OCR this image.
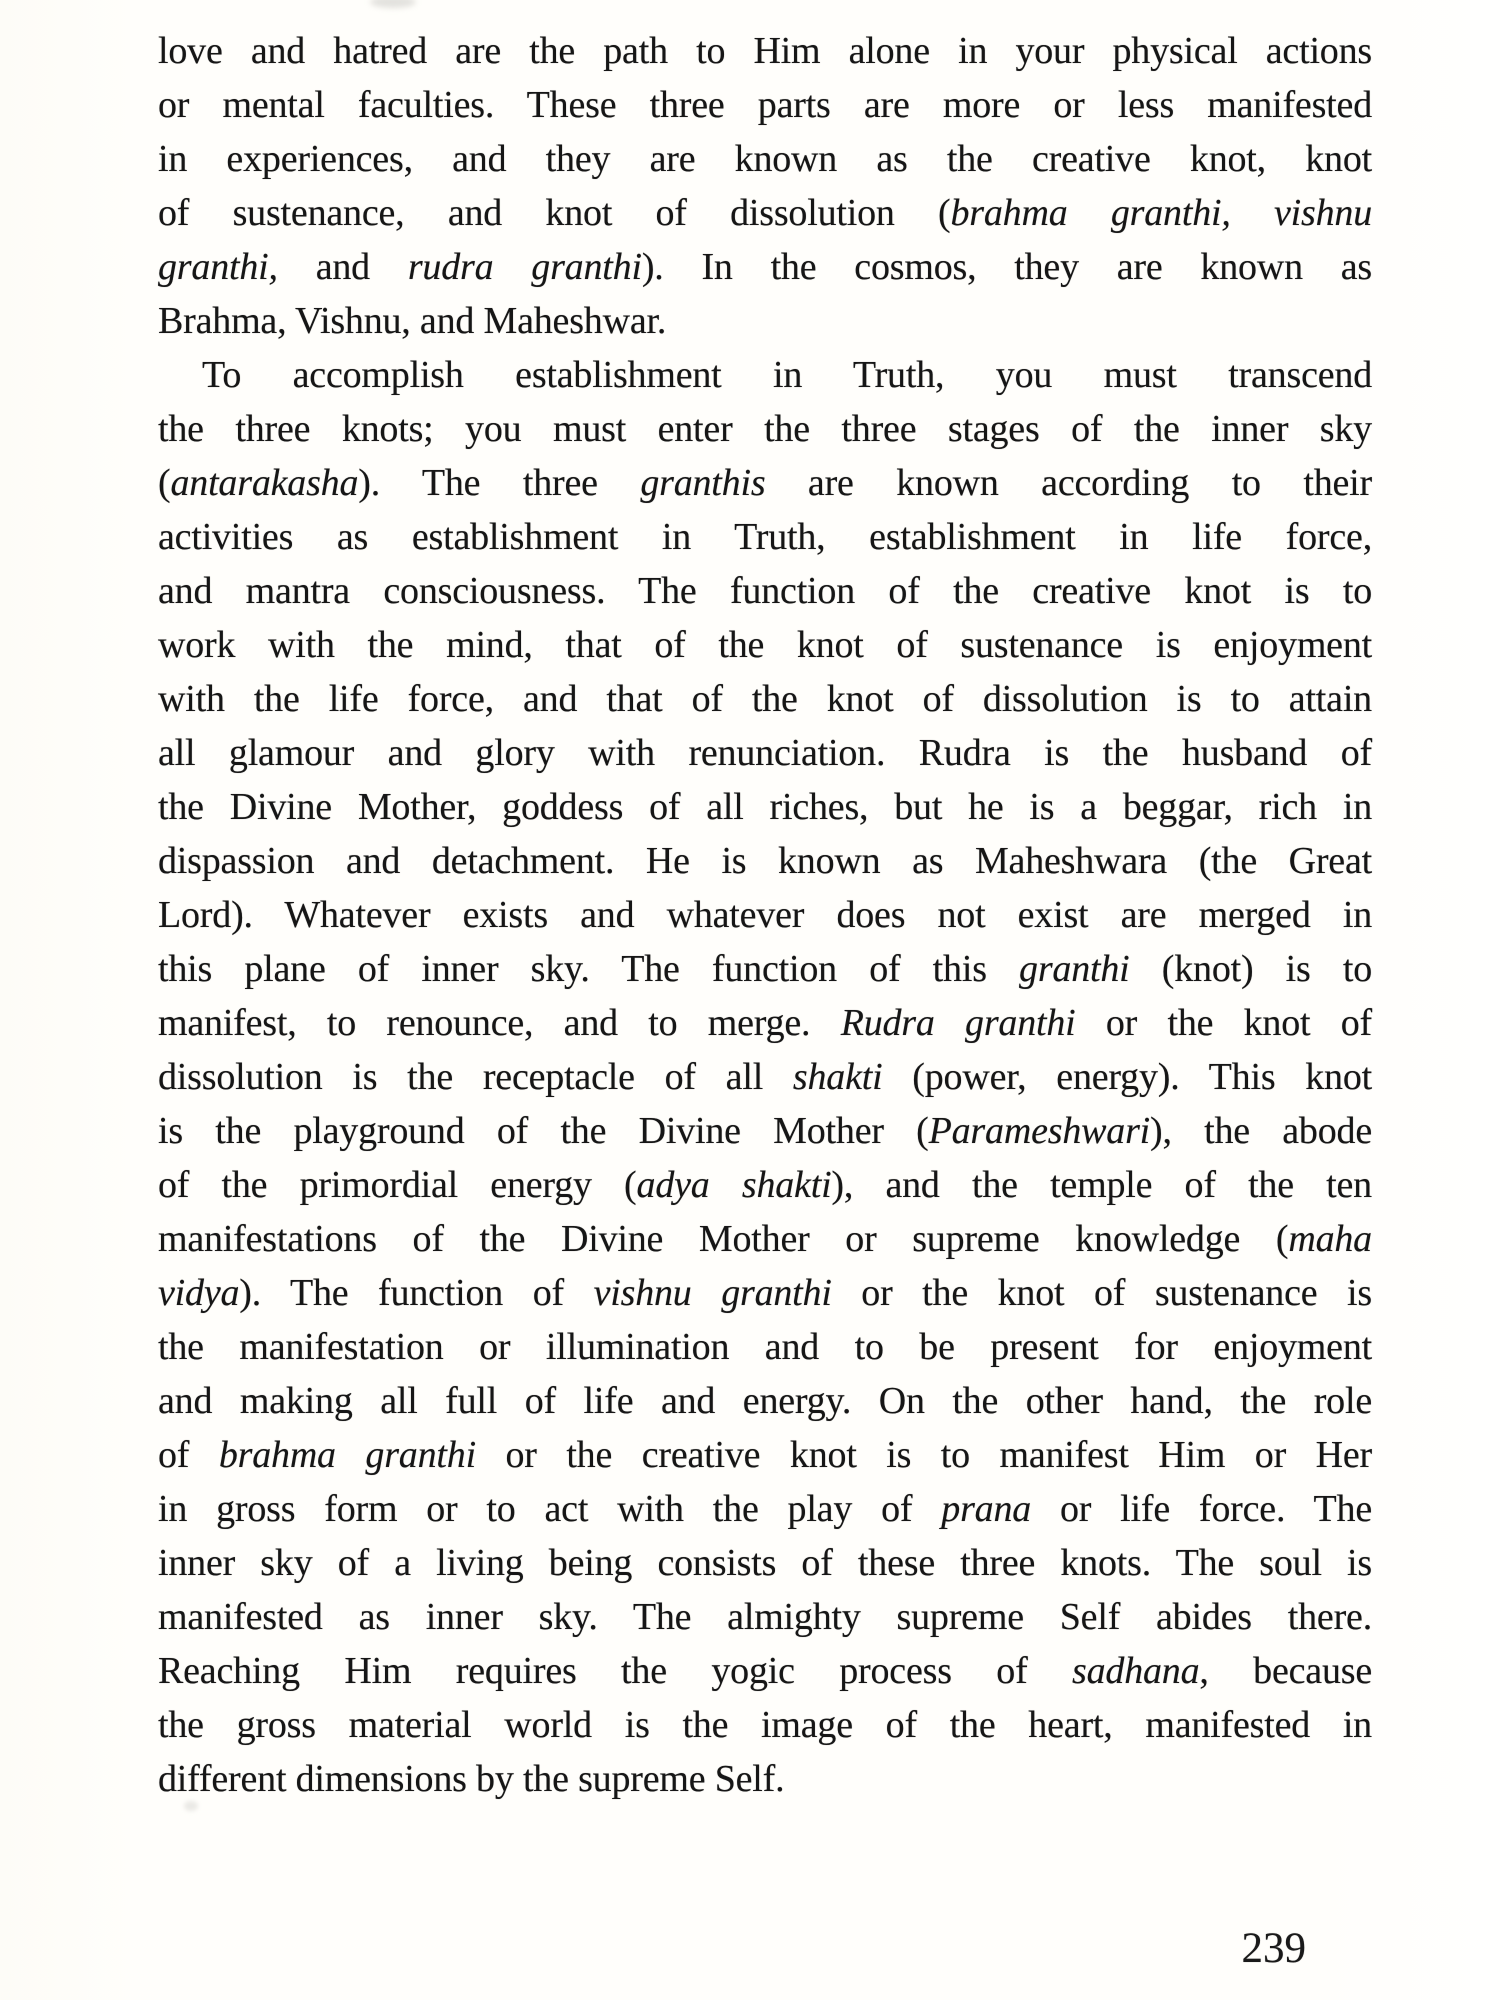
love and hatred are the path to Him alone in your physical actions
or mental faculties. These three parts are more or less manifested
in experiences, and they are known as the creative knot, knot
of sustenance, and knot of dissolution (brahma granthi, vishnu
granthi, and rudra granthi). In the cosmos, they are known as
Brahma, Vishnu, and Maheshwar.
To accomplish establishment in Truth, you must transcend
the three knots; you must enter the three stages of the inner sky
(antarakasha). The three granthis are known according to their
activities as establishment in Truth, establishment in life force,
and mantra consciousness. The function of the creative knot is to
work with the mind, that of the knot of sustenance is enjoyment
with the life force, and that of the knot of dissolution is to attain
all glamour and glory with renunciation. Rudra is the husband of
the Divine Mother, goddess of all riches, but he is a beggar, rich in
dispassion and detachment. He is known as Maheshwara (the Great
Lord). Whatever exists and whatever does not exist are merged in
this plane of inner sky. The function of this granthi (knot) is to
manifest, to renounce, and to merge. Rudra granthi or the knot of
dissolution is the receptacle of all shakti (power, energy). This knot
is the playground of the Divine Mother (Parameshwari), the abode
of the primordial energy (adya shakti), and the temple of the ten
manifestations of the Divine Mother or supreme knowledge (maha
vidya). The function of vishnu granthi or the knot of sustenance is
the manifestation or illumination and to be present for enjoyment
and making all full of life and energy. On the other hand, the role
of brahma granthi or the creative knot is to manifest Him or Her
in gross form or to act with the play of prana or life force. The
inner sky of a living being consists of these three knots. The soul is
manifested as inner sky. The almighty supreme Self abides there.
Reaching Him requires the yogic process of sadhana, because
the gross material world is the image of the heart, manifested in
different dimensions by the supreme Self.
239
